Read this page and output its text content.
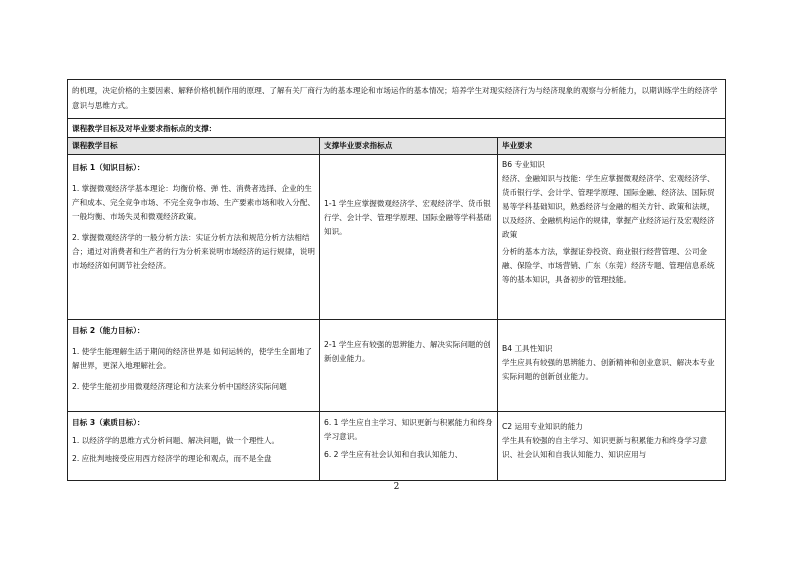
的机理，决定价格的主要因素、解释价格机制作用的原理、了解有关厂商行为的基本理论和市场运作的基本情况；培养学生对现实经济行为与经济现象的观察与分析能力，以期训练学生的经济学意识与思维方式。
课程教学目标及对毕业要求指标点的支撑：
课程教学目标	支撑毕业要求指标点	毕业要求
目标 1（知识目标）：
1. 掌握微观经济学基本理论：均衡价格、弹 性、消费者选择、企业的生产和成本、完全竞争市场、不完全竞争市场、生产要素市场和收入分配、一般均衡、市场失灵和微观经济政策。
2. 掌握微观经济学的一般分析方法：实证分析方法和规范分析方法相结合；通过对消费者和生产者的行为分析来说明市场经济的运行规律，说明市场经济如何调节社会经济。
1-1 学生应掌握微观经济学、宏观经济学、货币银行学、会计学、管理学原理、国际金融等学科基础知识。
B6 专业知识
经济、金融知识与技能：学生应掌握微观经济学、宏观经济学、货币银行学、会计学、管理学原理、国际金融、经济法、国际贸易等学科基础知识，熟悉经济与金融的相关方针、政策和法规，以及经济、金融机构运作的规律，掌握产业经济运行及宏观经济政策
分析的基本方法，掌握证券投资、商业银行经营管理、公司金融、保险学、市场营销、广东（东莞）经济专题、管理信息系统等的基本知识，具备初步的管理技能。
目标 2（能力目标）：
1. 使学生能理解生活于期间的经济世界是 如何运转的，使学生全面地了解世界，更深入地理解社会。
2. 使学生能初步用微观经济理论和方法来分析中国经济实际问题
2-1 学生应有较强的思辨能力、解决实际问题的创新创业能力。
B4 工具性知识
学生应具有较强的思辨能力、创新精神和创业意识、解决本专业实际问题的创新创业能力。
目标 3（素质目标）：
1. 以经济学的思维方式分析问题、解决问题，做一个理性人。
2. 应批判地接受应用西方经济学的理论和观点，而不是全盘
6. 1 学生应自主学习、知识更新与积累能力和终身学习意识。
6. 2 学生应有社会认知和自我认知能力、
C2 运用专业知识的能力
学生具有较强的自主学习、知识更新与积累能力和终身学习意识、社会认知和自我认知能力、知识应用与
2
